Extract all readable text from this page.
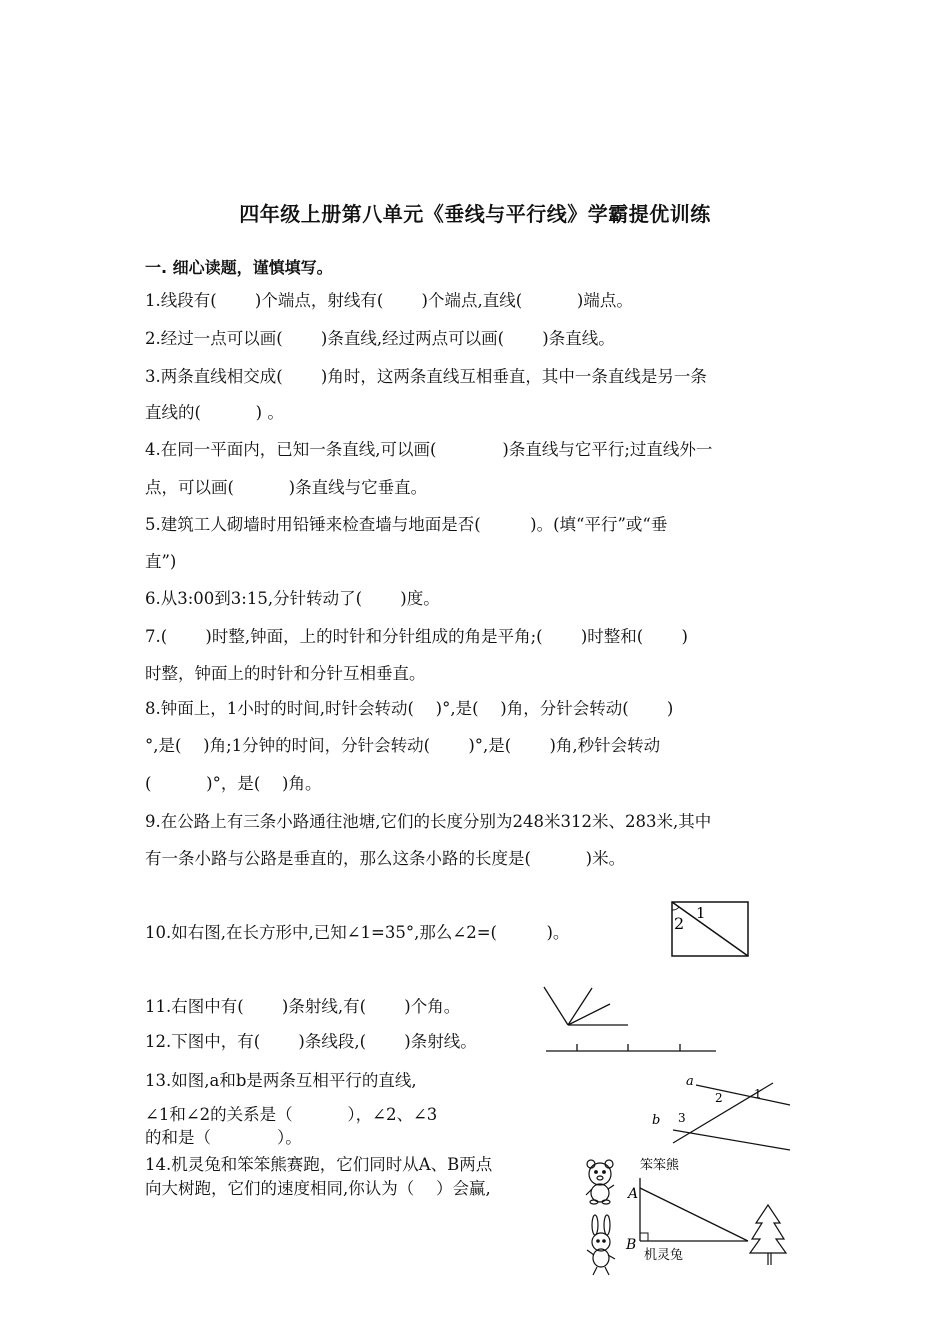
四年级上册第八单元《垂线与平行线》学霸提优训练
一. 细心读题，谨慎填写。
1.线段有(　　 )个端点，射线有(　　 )个端点,直线(　　　 )端点。
2.经过一点可以画(　　 )条直线,经过两点可以画(　　 )条直线。
3.两条直线相交成(　　 )角时，这两条直线互相垂直，其中一条直线是另一条
直线的(　　　 ) 。
4.在同一平面内，已知一条直线,可以画(　　　　)条直线与它平行;过直线外一
点，可以画(　　　 )条直线与它垂直。
5.建筑工人砌墙时用铅锤来检查墙与地面是否(　　　)。(填“平行”或“垂
直”)
6.从3:00到3:15,分针转动了(　　 )度。
7.(　　 )时整,钟面，上的时针和分针组成的角是平角;(　　 )时整和(　　 )
时整，钟面上的时针和分针互相垂直。
8.钟面上，1小时的时间,时针会转动(　 )°,是(　 )角，分针会转动(　　 )
°,是(　 )角;1分钟的时间，分针会转动(　　 )°,是(　　 )角,秒针会转动
(　　　 )°，是(　 )角。
9.在公路上有三条小路通往池塘,它们的长度分别为248米312米、283米,其中
有一条小路与公路是垂直的，那么这条小路的长度是(　　　 )米。
10.如右图,在长方形中,已知∠1=35°,那么∠2=(　　　)。
11.右图中有(　　 )条射线,有(　　 )个角。
12.下图中，有(　　 )条线段,(　　 )条射线。
13.如图,a和b是两条互相平行的直线,
∠1和∠2的关系是（　　　 ），∠2、∠3
的和是（　　　　）。
14.机灵兔和笨笨熊赛跑，它们同时从A、B两点
向大树跑，它们的速度相同,你认为（　 ）会赢,
1
2
a
b
1
2
3
笨笨熊
A
B
机灵兔
